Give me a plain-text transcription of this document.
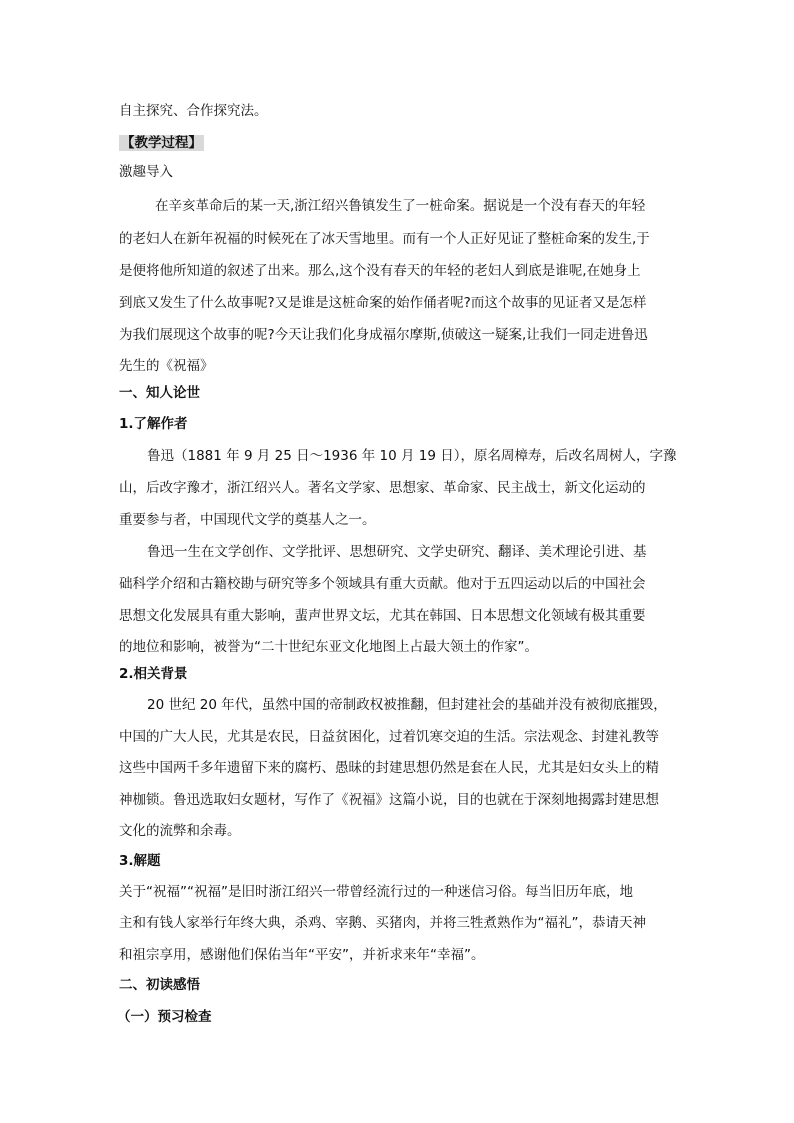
自主探究、合作探究法。
【教学过程】
激趣导入
在辛亥革命后的某一天,浙江绍兴鲁镇发生了一桩命案。据说是一个没有春天的年轻
的老妇人在新年祝福的时候死在了冰天雪地里。而有一个人正好见证了整桩命案的发生,于
是便将他所知道的叙述了出来。那么,这个没有春天的年轻的老妇人到底是谁呢,在她身上
到底又发生了什么故事呢?又是谁是这桩命案的始作俑者呢?而这个故事的见证者又是怎样
为我们展现这个故事的呢?今天让我们化身成福尔摩斯,侦破这一疑案,让我们一同走进鲁迅
先生的《祝福》
一、知人论世
1.了解作者
鲁迅（1881 年 9 月 25 日～1936 年 10 月 19 日），原名周樟寿，后改名周树人，字豫
山，后改字豫才，浙江绍兴人。著名文学家、思想家、革命家、民主战士，新文化运动的
重要参与者，中国现代文学的奠基人之一。
鲁迅一生在文学创作、文学批评、思想研究、文学史研究、翻译、美术理论引进、基
础科学介绍和古籍校勘与研究等多个领域具有重大贡献。他对于五四运动以后的中国社会
思想文化发展具有重大影响，蜚声世界文坛，尤其在韩国、日本思想文化领域有极其重要
的地位和影响，被誉为“二十世纪东亚文化地图上占最大领土的作家”。
2.相关背景
20 世纪 20 年代，虽然中国的帝制政权被推翻，但封建社会的基础并没有被彻底摧毁，
中国的广大人民，尤其是农民，日益贫困化，过着饥寒交迫的生活。宗法观念、封建礼教等
这些中国两千多年遗留下来的腐朽、愚昧的封建思想仍然是套在人民，尤其是妇女头上的精
神枷锁。鲁迅选取妇女题材，写作了《祝福》这篇小说，目的也就在于深刻地揭露封建思想
文化的流弊和余毒。
3.解题
关于“祝福”“祝福”是旧时浙江绍兴一带曾经流行过的一种迷信习俗。每当旧历年底，地
主和有钱人家举行年终大典，杀鸡、宰鹅、买猪肉，并将三牲煮熟作为“福礼”，恭请天神
和祖宗享用，感谢他们保佑当年“平安”，并祈求来年“幸福”。
二、初读感悟
（一）预习检查
